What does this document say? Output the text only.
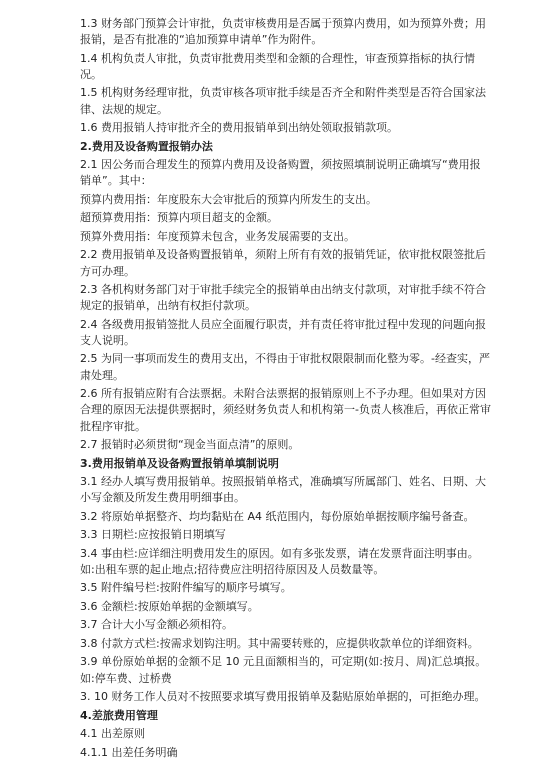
1.3 财务部门预算会计审批，负责审核费用是否属于预算内费用，如为预算外费；用报销，是否有批准的“追加预算申请单”作为附件。
1.4 机构负责人审批，负责审批费用类型和金额的合理性，审查预算指标的执行情况。
1.5 机构财务经理审批，负责审核各项审批手续是否齐全和附件类型是否符合国家法律、法规的规定。
1.6 费用报销人持审批齐全的费用报销单到出纳处领取报销款项。
2.费用及设备购置报销办法
2.1 因公务而合理发生的预算内费用及设备购置，须按照填制说明正确填写“费用报销单”。其中：
预算内费用指：年度股东大会审批后的预算内所发生的支出。
超预算费用指：预算内项目超支的金额。
预算外费用指：年度预算未包含，业务发展需要的支出。
2.2 费用报销单及设备购置报销单，须附上所有有效的报销凭证，依审批权限签批后方可办理。
2.3 各机构财务部门对于审批手续完全的报销单由出纳支付款项，对审批手续不符合规定的报销单，出纳有权拒付款项。
2.4 各级费用报销签批人员应全面履行职责，并有责任将审批过程中发现的问题向报支人说明。
2.5 为同一事项而发生的费用支出，不得由于审批权限限制而化整为零。-经查实，严肃处理。
2.6 所有报销应附有合法票据。未附合法票据的报销原则上不予办理。但如果对方因合理的原因无法提供票据时，须经财务负责人和机构第一-负责人核准后，再依正常审批程序审批。
2.7 报销时必须贯彻“现金当面点清”的原则。
3.费用报销单及设备购置报销单填制说明
3.1 经办人填写费用报销单。按照报销单格式，准确填写所属部门、姓名、日期、大小写金额及所发生费用明细事由。
3.2 将原始单据整齐、均均黏贴在 A4 纸范围内，每份原始单据按顺序编号备查。
3.3 日期栏:应按报销日期填写
3.4 事由栏:应详细注明费用发生的原因。如有多张发票，请在发票背面注明事由。如:出租车票的起止地点;招待费应注明招待原因及人员数量等。
3.5 附件编号栏:按附件编写的顺序号填写。
3.6 金额栏:按原始单据的金额填写。
3.7 合计大小写金额必须相符。
3.8 付款方式栏:按需求划钩注明。其中需要转账的，应提供收款单位的详细资料。
3.9 单份原始单据的金额不足 10 元且面额相当的，可定期(如:按月、周)汇总填报。如:停车费、过桥费
3. 10 财务工作人员对不按照要求填写费用报销单及黏贴原始单据的，可拒绝办理。
4.差旅费用管理
4.1 出差原则
4.1.1 出差任务明确
